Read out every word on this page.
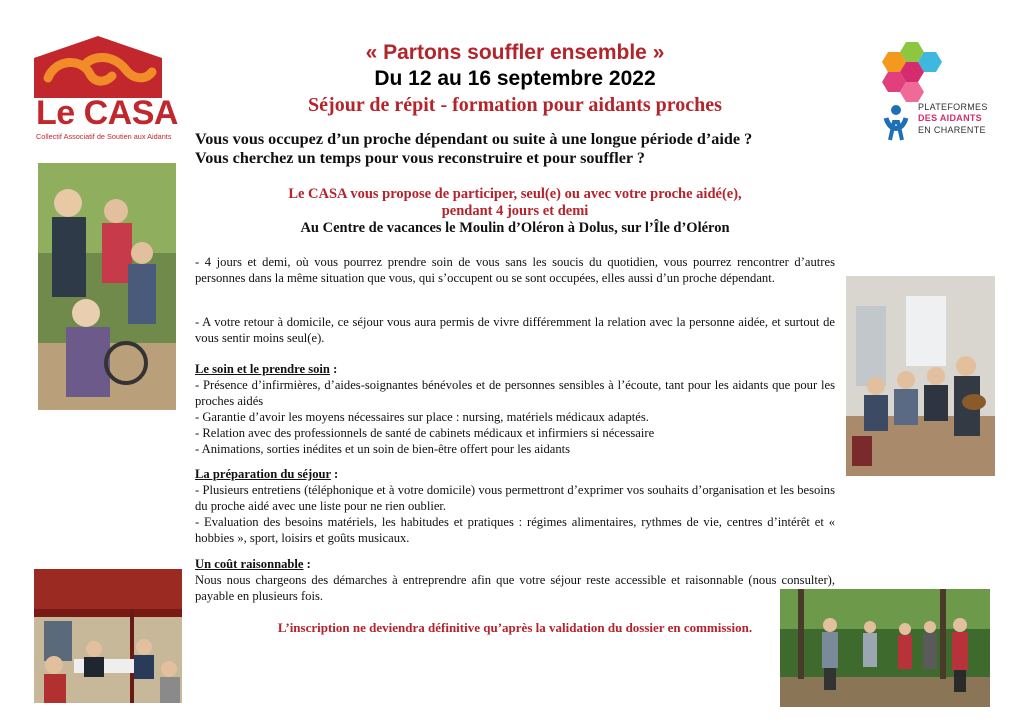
Le CASA
Collectif Associatif de Soutien aux Aidants
PLATEFORMES
DES AIDANTS
EN CHARENTE
« Partons souffler ensemble »
Du 12 au 16 septembre 2022
Séjour de répit - formation pour aidants proches
Vous vous occupez d’un proche dépendant ou suite à une longue période d’aide ?
Vous cherchez un temps pour vous reconstruire et pour souffler ?
Le CASA vous propose de participer, seul(e) ou avec votre proche aidé(e),
pendant 4 jours et demi
Au Centre de vacances le Moulin d’Oléron à Dolus, sur l’Île d’Oléron
- 4 jours et demi, où vous pourrez prendre soin de vous sans les soucis du quotidien, vous pourrez rencontrer d’autres personnes dans la même situation que vous, qui s’occupent ou se sont occupées, elles aussi d’un proche dépendant.
- A votre retour à domicile, ce séjour vous aura permis de vivre différemment la relation avec la personne aidée, et surtout de vous sentir moins seul(e).
Le soin et le prendre soin :
- Présence d’infirmières, d’aides-soignantes bénévoles et de personnes sensibles à l’écoute, tant pour les aidants que pour les proches aidés
- Garantie d’avoir les moyens nécessaires sur place : nursing, matériels médicaux adaptés.
- Relation avec des professionnels de santé de cabinets médicaux et infirmiers si nécessaire
- Animations, sorties inédites et un soin de bien-être offert pour les aidants
La préparation du séjour :
- Plusieurs entretiens (téléphonique et à votre domicile) vous permettront d’exprimer vos souhaits d’organisation et les besoins du proche aidé avec une liste pour ne rien oublier.
- Evaluation des besoins matériels, les habitudes et pratiques : régimes alimentaires, rythmes de vie, centres d’intérêt et « hobbies », sport, loisirs et goûts musicaux.
Un coût raisonnable :
Nous nous chargeons des démarches à entreprendre afin que votre séjour reste accessible et raisonnable (nous consulter), payable en plusieurs fois.
L’inscription ne deviendra définitive qu’après la validation du dossier en commission.
